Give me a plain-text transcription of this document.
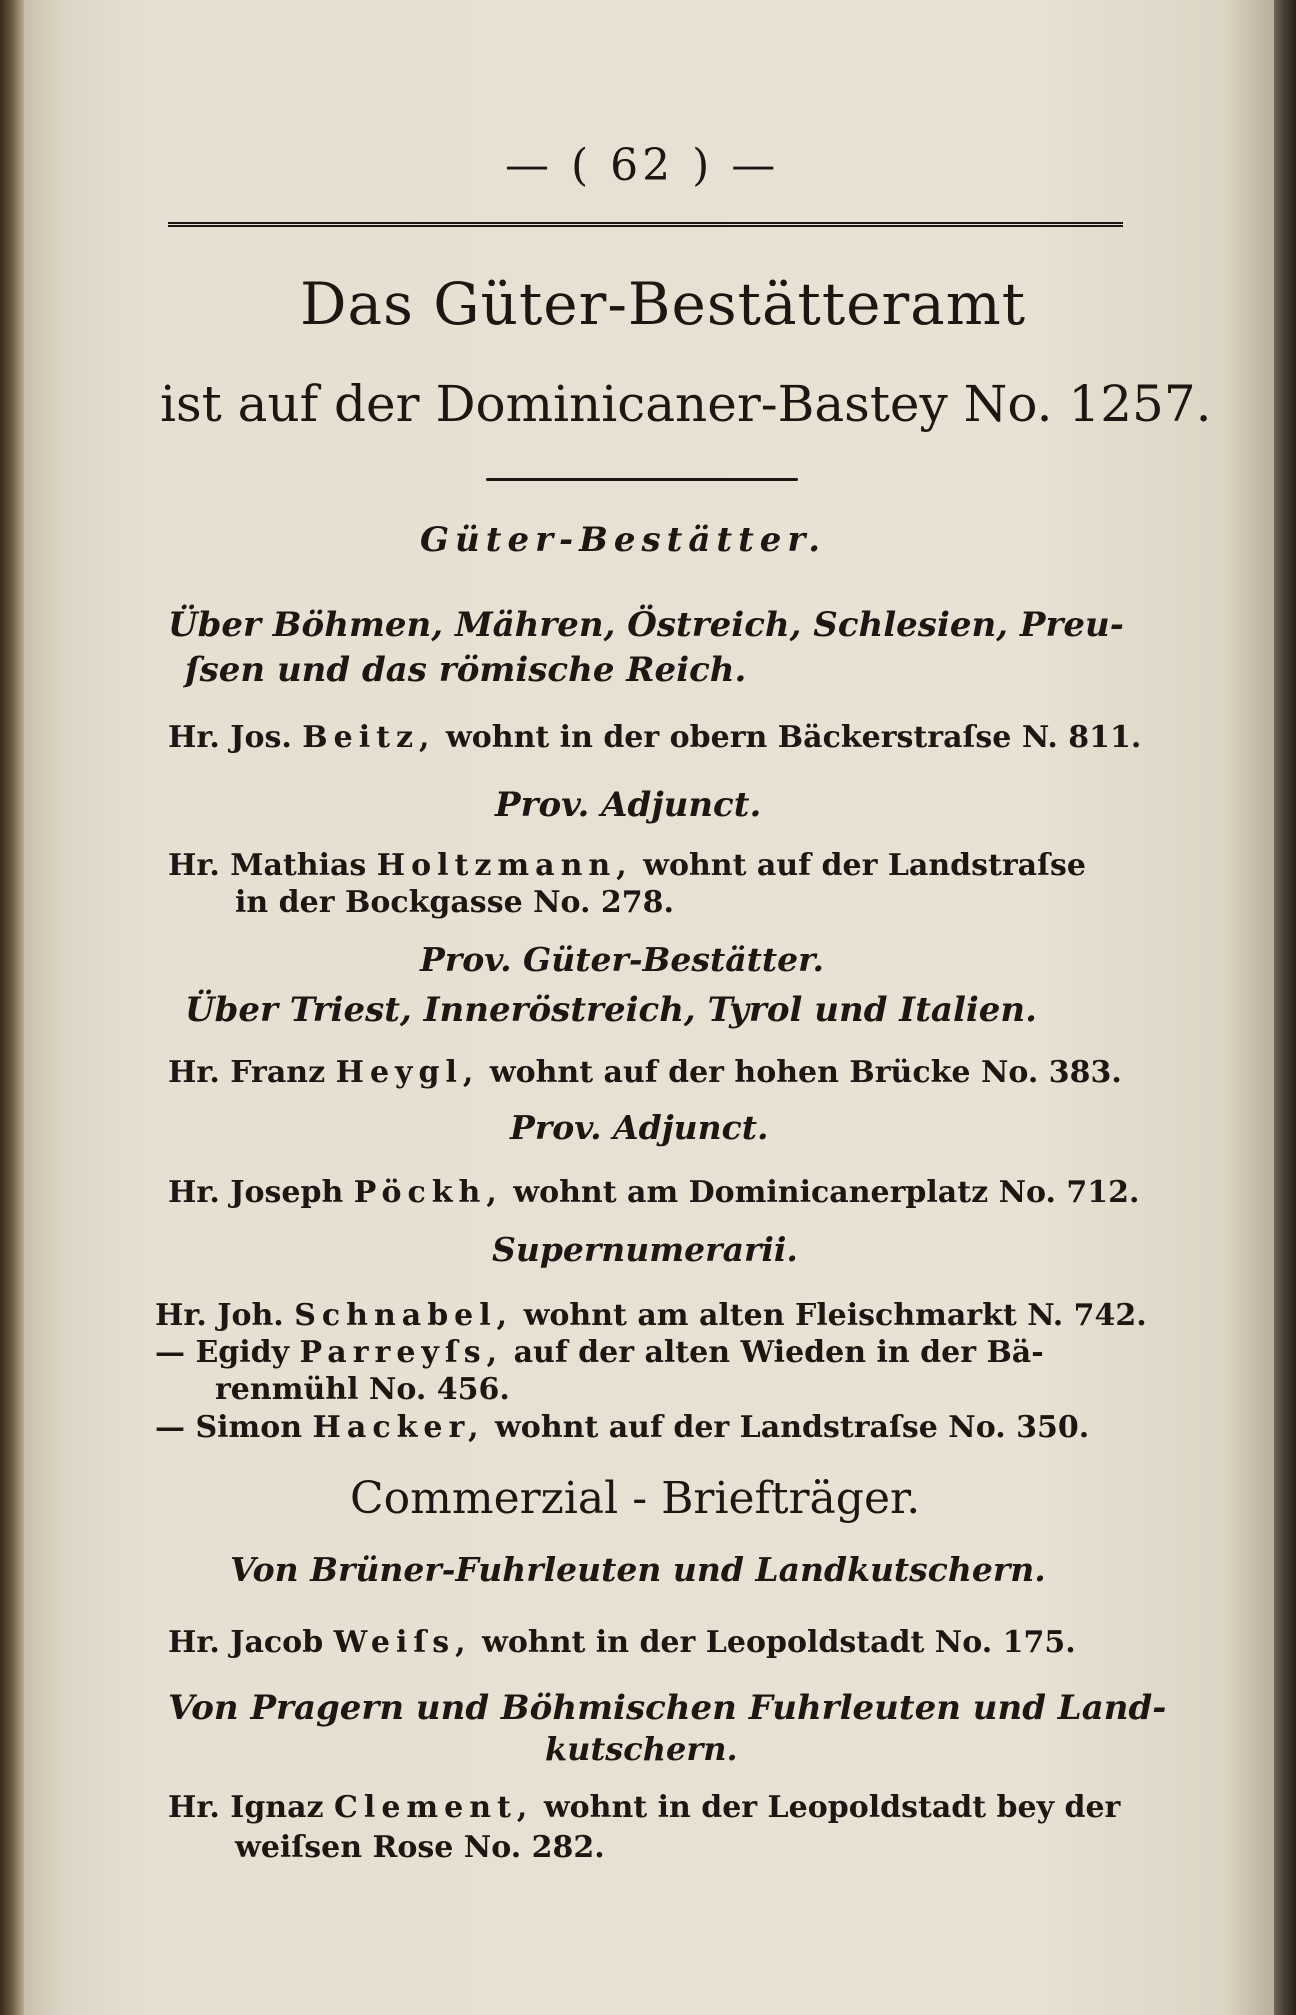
— ( 62 ) —
Das Güter-Bestätteramt
ist auf der Dominicaner-Bastey No. 1257.
Güter-Bestätter.
Über Böhmen, Mähren, Östreich, Schlesien, Preu-
ſsen und das römische Reich.
Hr. Jos. Beitz, wohnt in der obern Bäckerstraſse N. 811.
Prov. Adjunct.
Hr. Mathias Holtzmann, wohnt auf der Landstraſse
in der Bockgasse No. 278.
Prov. Güter-Bestätter.
Über Triest, Inneröstreich, Tyrol und Italien.
Hr. Franz Heygl, wohnt auf der hohen Brücke No. 383.
Prov. Adjunct.
Hr. Joseph Pöckh, wohnt am Dominicanerplatz No. 712.
Supernumerarii.
Hr. Joh. Schnabel, wohnt am alten Fleischmarkt N. 742.
— Egidy Parreyſs, auf der alten Wieden in der Bä-
renmühl No. 456.
— Simon Hacker, wohnt auf der Landstraſse No. 350.
Commerzial - Briefträger.
Von Brüner-Fuhrleuten und Landkutschern.
Hr. Jacob Weiſs, wohnt in der Leopoldstadt No. 175.
Von Pragern und Böhmischen Fuhrleuten und Land-
kutschern.
Hr. Ignaz Clement, wohnt in der Leopoldstadt bey der
weiſsen Rose No. 282.
